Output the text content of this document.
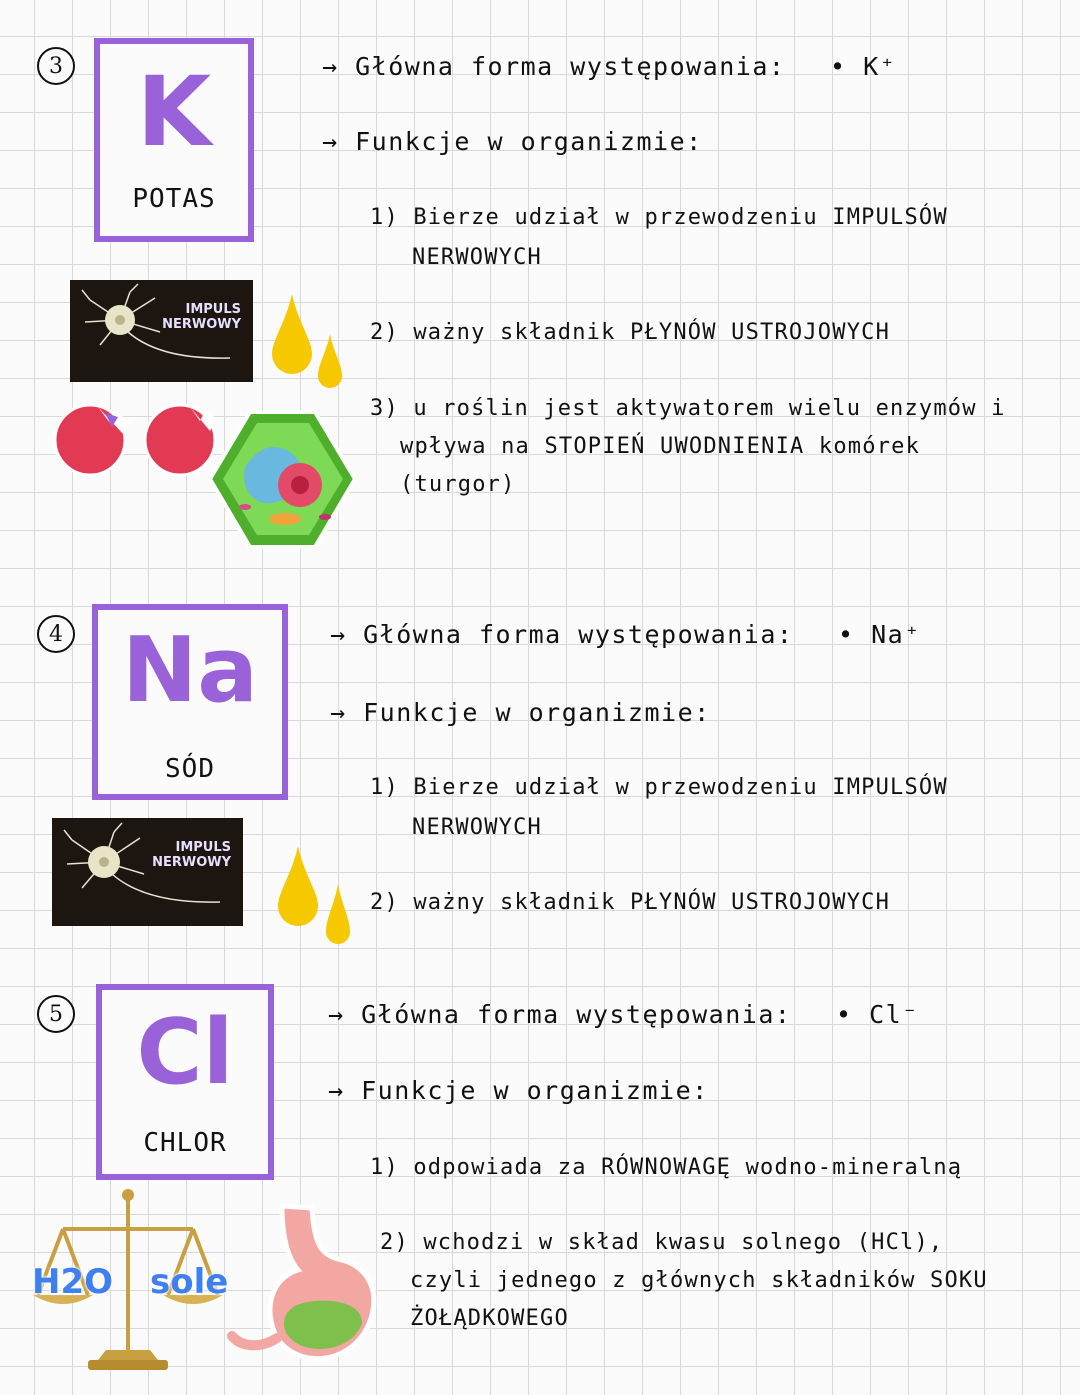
3 K
POTAS
→ Główna forma występowania: • K⁺
→ Funkcje w organizmie:
1) Bierze udział w przewodzeniu IMPULSÓW
NERWOWYCH
2) ważny składnik PŁYNÓW USTROJOWYCH
3) u roślin jest aktywatorem wielu enzymów i
wpływa na STOPIEŃ UWODNIENIA komórek
(turgor)
IMPULS NERWOWY
4 Na
SÓD
→ Główna forma występowania: • Na⁺
→ Funkcje w organizmie:
1) Bierze udział w przewodzeniu IMPULSÓW
NERWOWYCH
2) ważny składnik PŁYNÓW USTROJOWYCH
IMPULS NERWOWY
5 Cl
CHLOR
→ Główna forma występowania: • Cl⁻
→ Funkcje w organizmie:
1) odpowiada za RÓWNOWAGĘ wodno-mineralną
2) wchodzi w skład kwasu solnego (HCl),
czyli jednego z głównych składników SOKU
ŻOŁĄDKOWEGO
H2O sole
